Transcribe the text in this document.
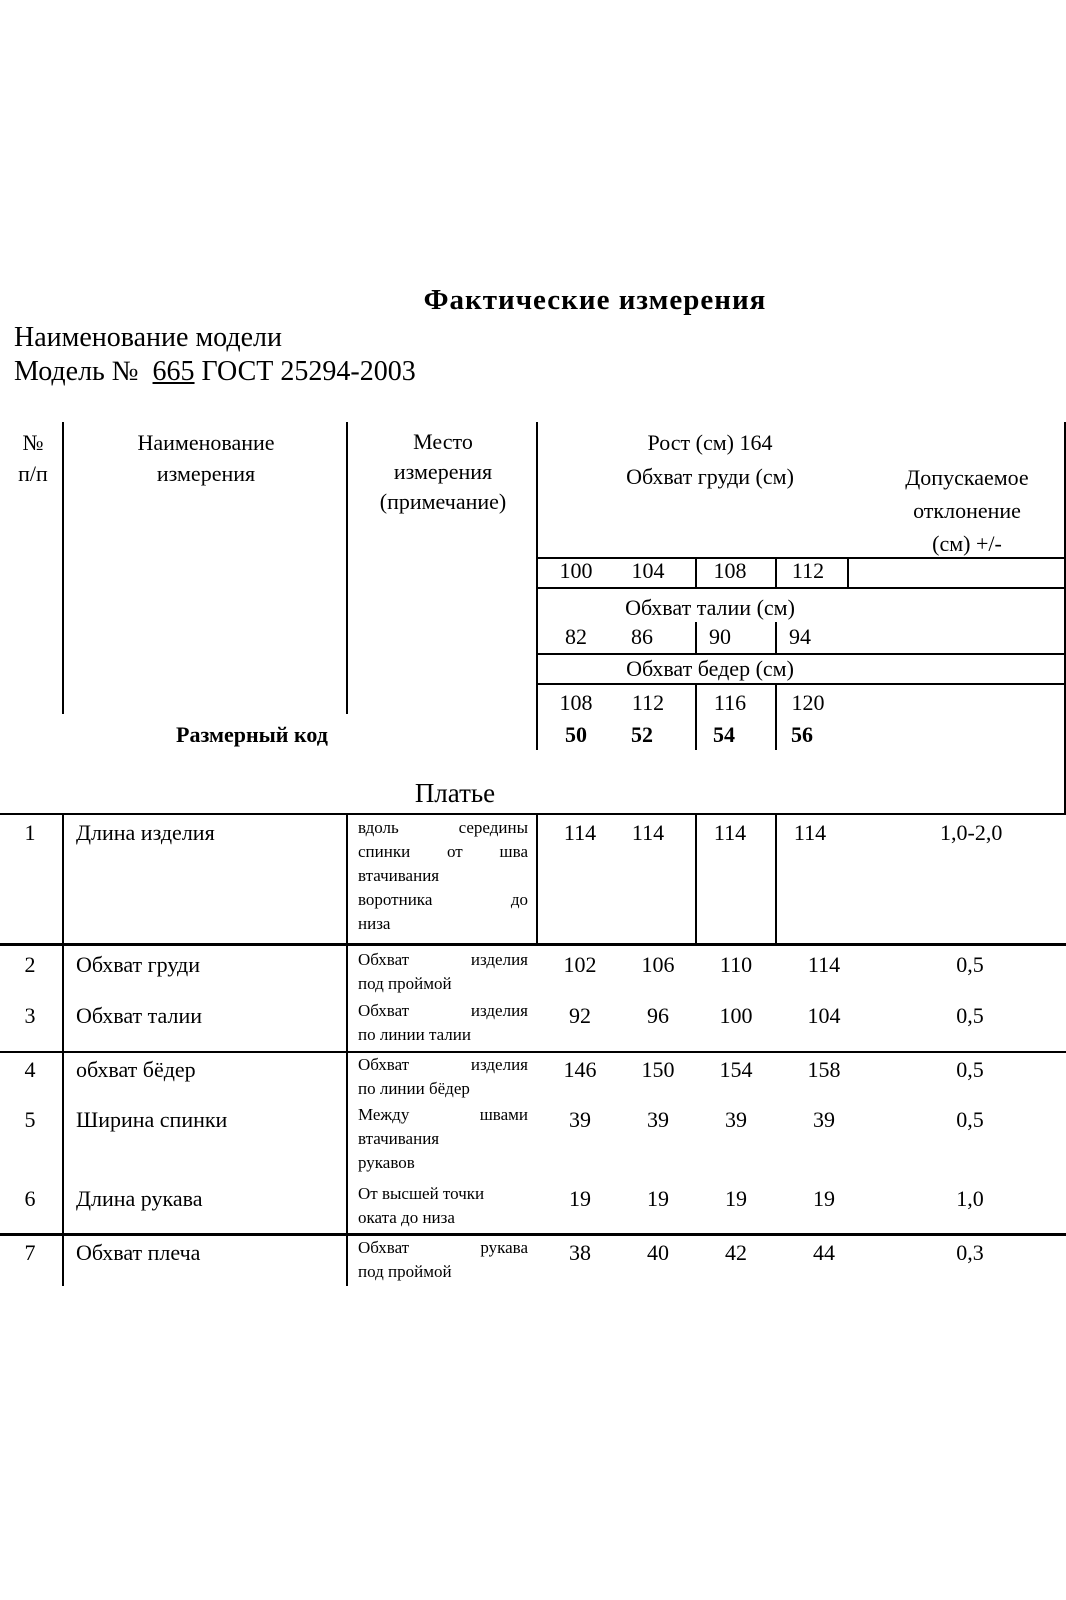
Фактические измерения
Наименование модели
Модель № 665 ГОСТ 25294-2003
№
п/п
Наименование
измерения
Место
измерения
(примечание)
Рост (см) 164
Обхват груди (см)	Допускаемое
отклонение
(см) +/-
100	104	108	112
Обхват талии (см)
82	86	90	94
Обхват бедер (см)
108	112	116	120
Размерный код	50	52	54	56
Платье
1	Длина изделия	вдоль середины
спинки от шва
втачивания
воротника до
низа
114	114	114	114	1,0-2,0
2	Обхват груди	Обхват изделия
под проймой
102	106	110	114	0,5
3	Обхват талии	Обхват изделия
по линии талии
92	96	100	104	0,5
4	обхват бёдер	Обхват изделия
по линии бёдер
146	150	154	158	0,5
5	Ширина спинки	Между швами
втачивания
рукавов
39	39	39	39	0,5
6	Длина рукава	От высшей точки
оката до низа
19	19	19	19	1,0
7	Обхват плеча	Обхват рукава
под проймой
38	40	42	44	0,3
